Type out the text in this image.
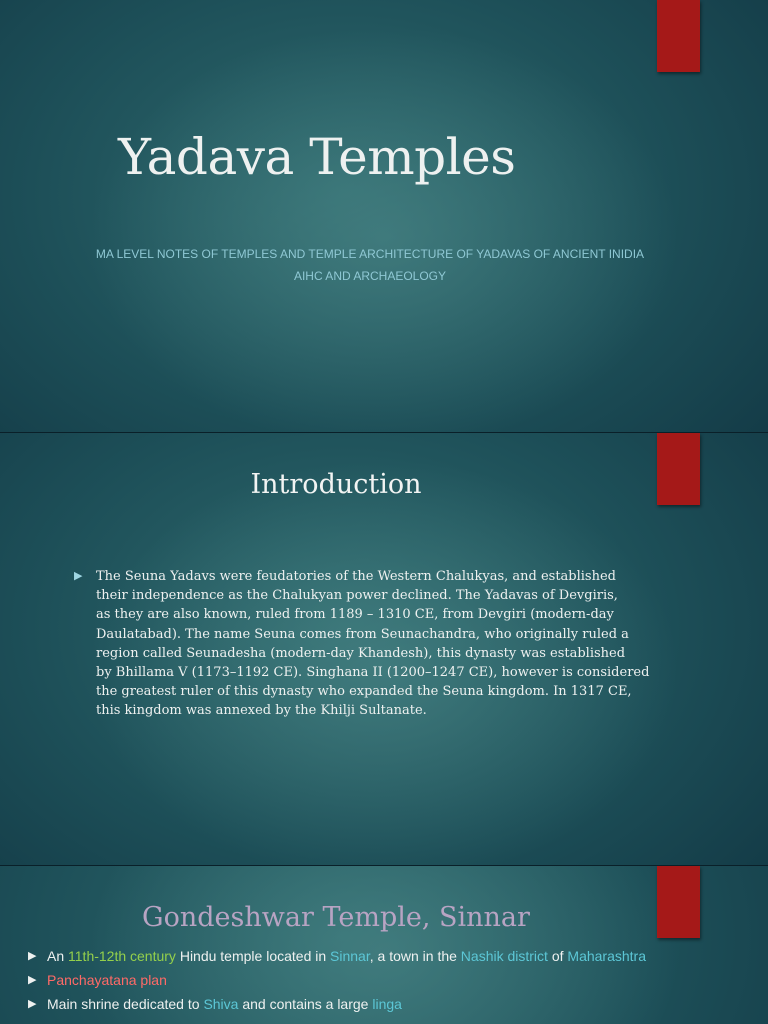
Yadava Temples
MA LEVEL NOTES OF TEMPLES AND TEMPLE ARCHITECTURE OF YADAVAS OF ANCIENT INIDIA
AIHC AND ARCHAEOLOGY
Introduction
▶ The Seuna Yadavs were feudatories of the Western Chalukyas, and established
their independence as the Chalukyan power declined. The Yadavas of Devgiris,
as they are also known, ruled from 1189 – 1310 CE, from Devgiri (modern-day
Daulatabad). The name Seuna comes from Seunachandra, who originally ruled a
region called Seunadesha (modern-day Khandesh), this dynasty was established
by Bhillama V (1173–1192 CE). Singhana II (1200–1247 CE), however is considered
the greatest ruler of this dynasty who expanded the Seuna kingdom. In 1317 CE,
this kingdom was annexed by the Khilji Sultanate.
Gondeshwar Temple, Sinnar
▶ An 11th-12th century Hindu temple located in Sinnar, a town in the Nashik district of Maharashtra
▶ Panchayatana plan
▶ Main shrine dedicated to Shiva and contains a large linga
